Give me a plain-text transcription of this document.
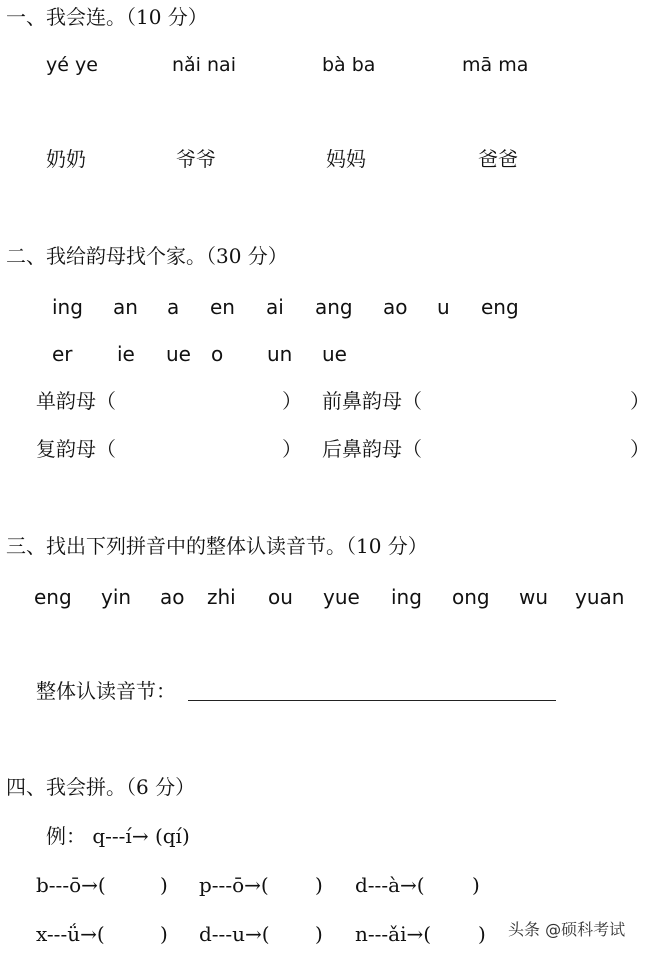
一、我会连。（10 分）
yé ye	nǎi nai	bà ba	mā ma
奶奶	爷爷	妈妈	爸爸
二、我给韵母找个家。（30 分）
ing an a en ai ang ao u eng
er ie ue o un ue
单韵母（	） 前鼻韵母（	）
复韵母（	） 后鼻韵母（	）
三、找出下列拼音中的整体认读音节。（10 分）
eng yin ao zhi ou yue ing ong wu yuan
整体认读音节：
四、我会拼。（6 分）
例： q---í→ (qí)
b---ō→(	) p---ō→( ) d---à→( )
x---ǘ→(	) d---u→( ) n---ǎi→( ) 头条 @硕科考试
